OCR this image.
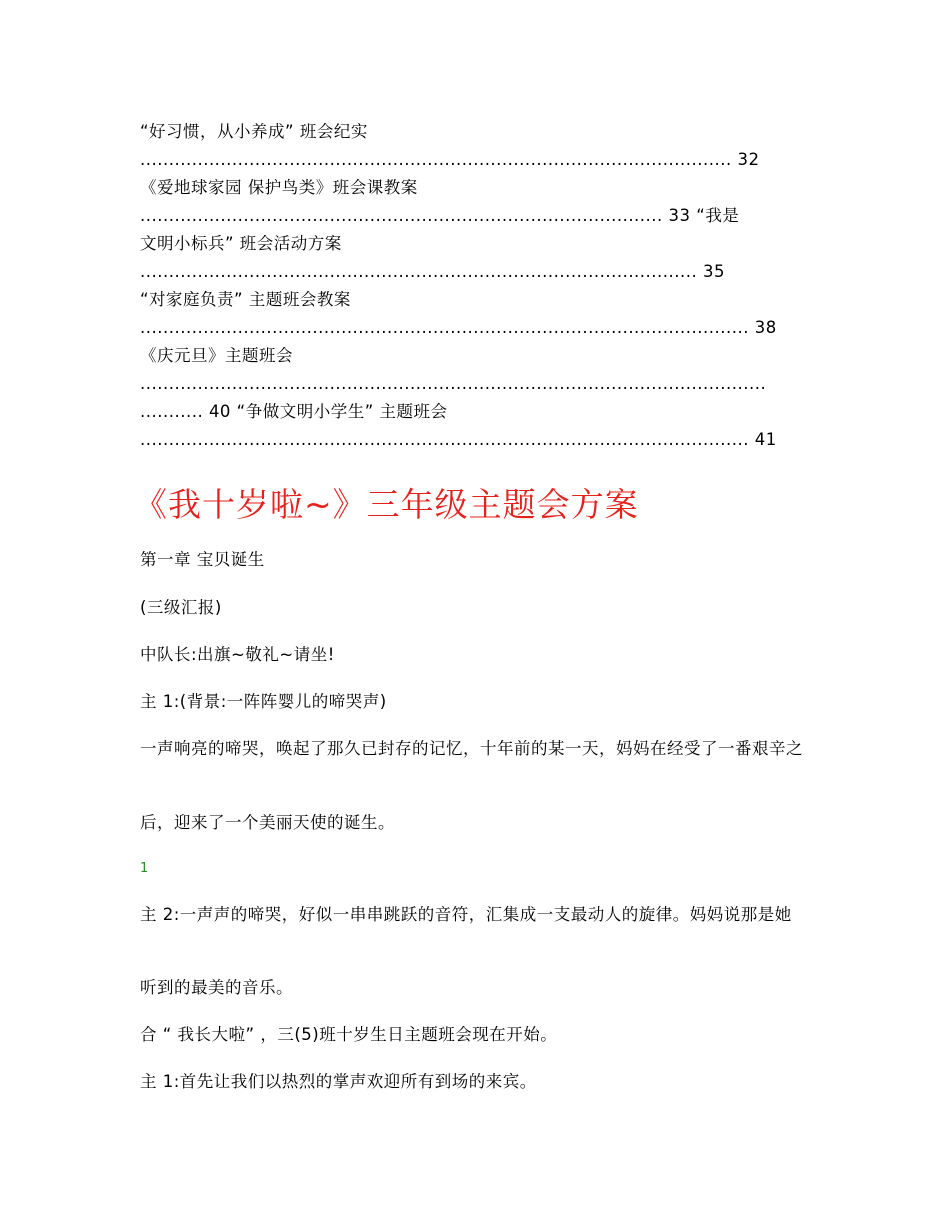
“好习惯，从小养成” 班会纪实
....................................................................................................... 32
《爱地球家园 保护鸟类》班会课教案
........................................................................................... 33 “我是
文明小标兵” 班会活动方案
................................................................................................. 35
“对家庭负责” 主题班会教案
.......................................................................................................... 38
《庆元旦》主题班会
.............................................................................................................
........... 40 “争做文明小学生” 主题班会
.......................................................................................................... 41
《我十岁啦~》三年级主题会方案
第一章 宝贝诞生
(三级汇报)
中队长:出旗~敬礼~请坐!
主 1:(背景:一阵阵婴儿的啼哭声)
一声响亮的啼哭，唤起了那久已封存的记忆，十年前的某一天，妈妈在经受了一番艰辛之
后，迎来了一个美丽天使的诞生。
1
主 2:一声声的啼哭，好似一串串跳跃的音符，汇集成一支最动人的旋律。妈妈说那是她
听到的最美的音乐。
合 “ 我长大啦” ，三(5)班十岁生日主题班会现在开始。
主 1:首先让我们以热烈的掌声欢迎所有到场的来宾。
